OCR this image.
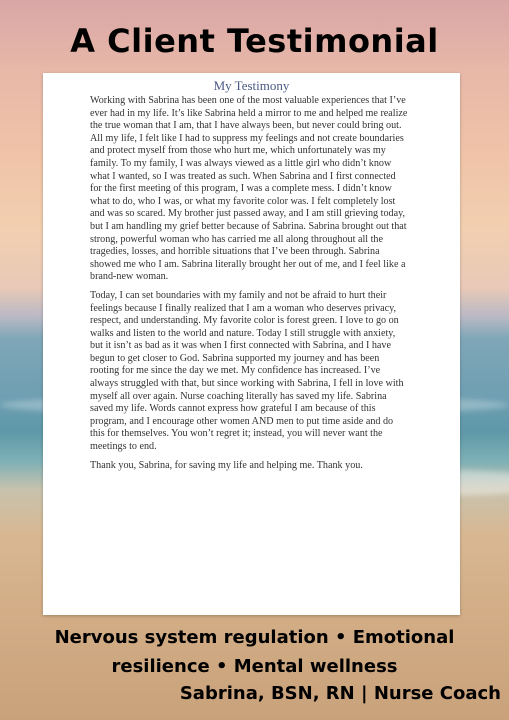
A Client Testimonial
My Testimony

Working with Sabrina has been one of the most valuable experiences that I’ve ever had in my life. It’s like Sabrina held a mirror to me and helped me realize the true woman that I am, that I have always been, but never could bring out. All my life, I felt like I had to suppress my feelings and not create boundaries and protect myself from those who hurt me, which unfortunately was my family. To my family, I was always viewed as a little girl who didn’t know what I wanted, so I was treated as such. When Sabrina and I first connected for the first meeting of this program, I was a complete mess. I didn’t know what to do, who I was, or what my favorite color was. I felt completely lost and was so scared. My brother just passed away, and I am still grieving today, but I am handling my grief better because of Sabrina. Sabrina brought out that strong, powerful woman who has carried me all along throughout all the tragedies, losses, and horrible situations that I’ve been through. Sabrina showed me who I am. Sabrina literally brought her out of me, and I feel like a brand-new woman.

Today, I can set boundaries with my family and not be afraid to hurt their feelings because I finally realized that I am a woman who deserves privacy, respect, and understanding. My favorite color is forest green. I love to go on walks and listen to the world and nature. Today I still struggle with anxiety, but it isn’t as bad as it was when I first connected with Sabrina, and I have begun to get closer to God. Sabrina supported my journey and has been rooting for me since the day we met. My confidence has increased. I’ve always struggled with that, but since working with Sabrina, I fell in love with myself all over again. Nurse coaching literally has saved my life. Sabrina saved my life. Words cannot express how grateful I am because of this program, and I encourage other women AND men to put time aside and do this for themselves. You won’t regret it; instead, you will never want the meetings to end.

Thank you, Sabrina, for saving my life and helping me. Thank you.

Nervous system regulation • Emotional
resilience • Mental wellness
Sabrina, BSN, RN | Nurse Coach
